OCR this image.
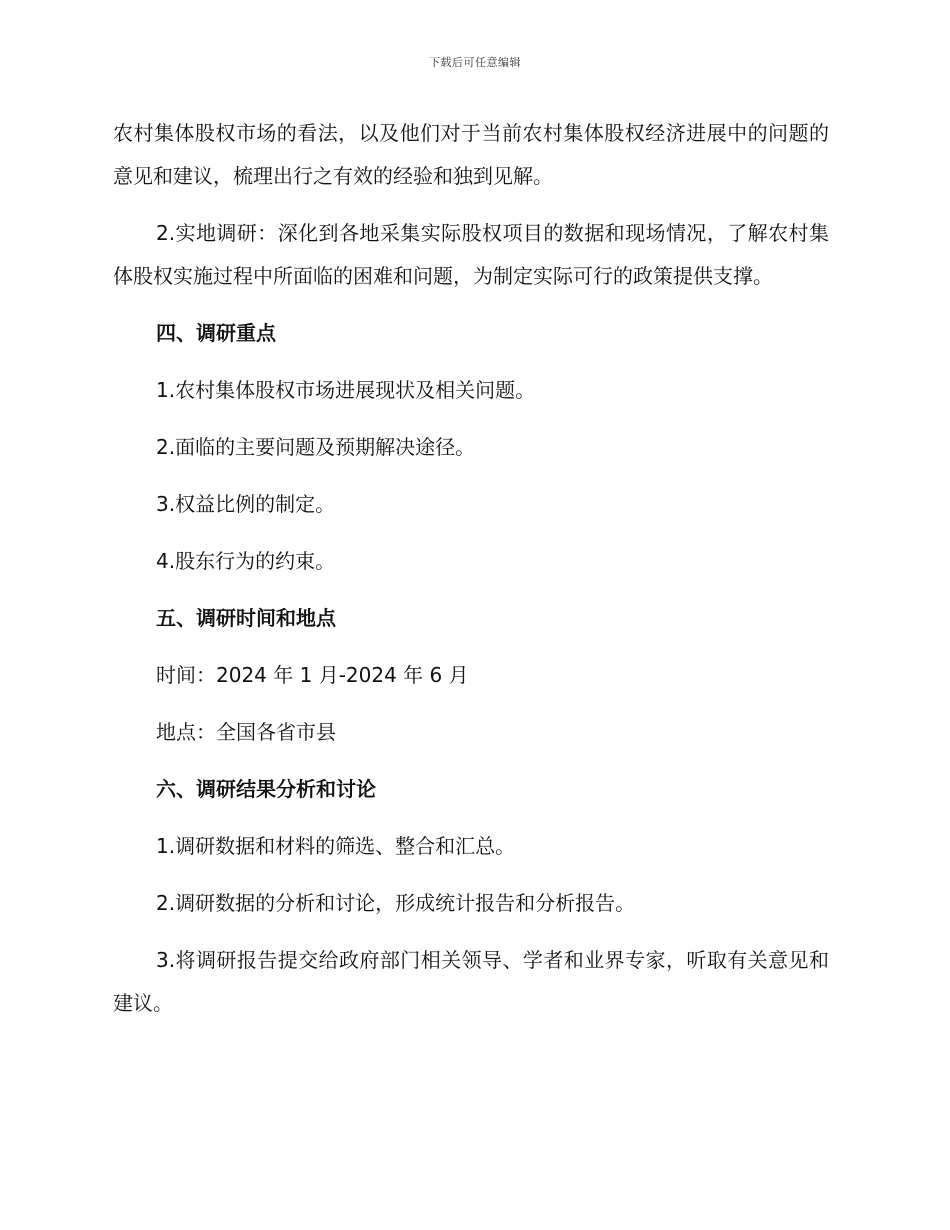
下载后可任意编辑

农村集体股权市场的看法，以及他们对于当前农村集体股权经济进展中的问题的意见和建议，梳理出行之有效的经验和独到见解。

2.实地调研：深化到各地采集实际股权项目的数据和现场情况，了解农村集体股权实施过程中所面临的困难和问题，为制定实际可行的政策提供支撑。

四、调研重点

1.农村集体股权市场进展现状及相关问题。

2.面临的主要问题及预期解决途径。

3.权益比例的制定。

4.股东行为的约束。

五、调研时间和地点

时间：2024 年 1 月-2024 年 6 月

地点：全国各省市县

六、调研结果分析和讨论

1.调研数据和材料的筛选、整合和汇总。

2.调研数据的分析和讨论，形成统计报告和分析报告。

3.将调研报告提交给政府部门相关领导、学者和业界专家，听取有关意见和建议。
